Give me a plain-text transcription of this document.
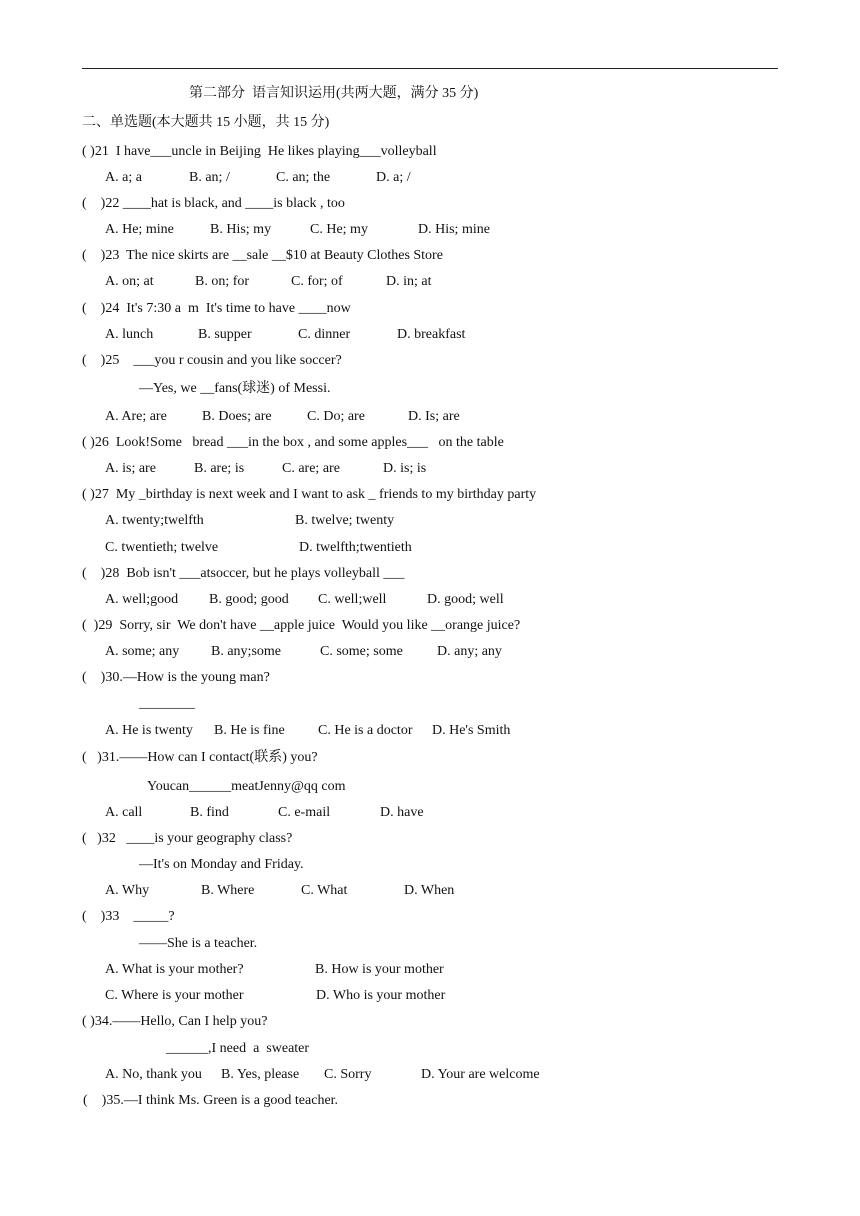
第二部分  语言知识运用(共两大题，满分 35 分)
二、单选题(本大题共 15 小题，共 15 分)
( )21  I have___uncle in Beijing  He likes playing___volleyball
A. a; a	B. an; /	C. an; the	D. a; /
(    )22 ____hat is black, and ____is black , too
A. He; mine	B. His; my	C. He; my	D. His; mine
(    )23  The nice skirts are __sale __$10 at Beauty Clothes Store
A. on; at	B. on; for	C. for; of	D. in; at
(    )24  It's 7:30 a  m  It's time to have ____now
A. lunch	B. supper	C. dinner	D. breakfast
(    )25    ___you r cousin and you like soccer?
—Yes, we __fans(球迷) of Messi.
A. Are; are	B. Does; are	C. Do; are	D. Is; are
( )26  Look!Some   bread ___in the box , and some apples___   on the table
A. is; are	B. are; is	C. are; are	D. is; is
( )27  My _birthday is next week and I want to ask _ friends to my birthday party
A. twenty;twelfth	B. twelve; twenty
C. twentieth; twelve	D. twelfth;twentieth
(    )28  Bob isn't ___atsoccer, but he plays volleyball ___
A. well;good B. good; good C. well;well	D. good; well
(  )29  Sorry, sir  We don't have __apple juice  Would you like __orange juice?
A. some; any B. any;some	C. some; some D. any; any
(    )30.—How is the young man?
________
A. He is twenty B. He is fine C. He is a doctor D. He's Smith
(   )31.——How can I contact(联系) you?
Youcan______meatJenny@qq com
A. call	B. find	C. e-mail	D. have
(   )32   ____is your geography class?
—It's on Monday and Friday.
A. Why	B. Where	C. What	D. When
(    )33    _____?
——She is a teacher.
A. What is your mother?	B. How is your mother
C. Where is your mother	D. Who is your mother
( )34.——Hello, Can I help you?
______,I need  a  sweater
A. No, thank you B. Yes, please C. Sorry	D. Your are welcome
(    )35.—I think Ms. Green is a good teacher.
